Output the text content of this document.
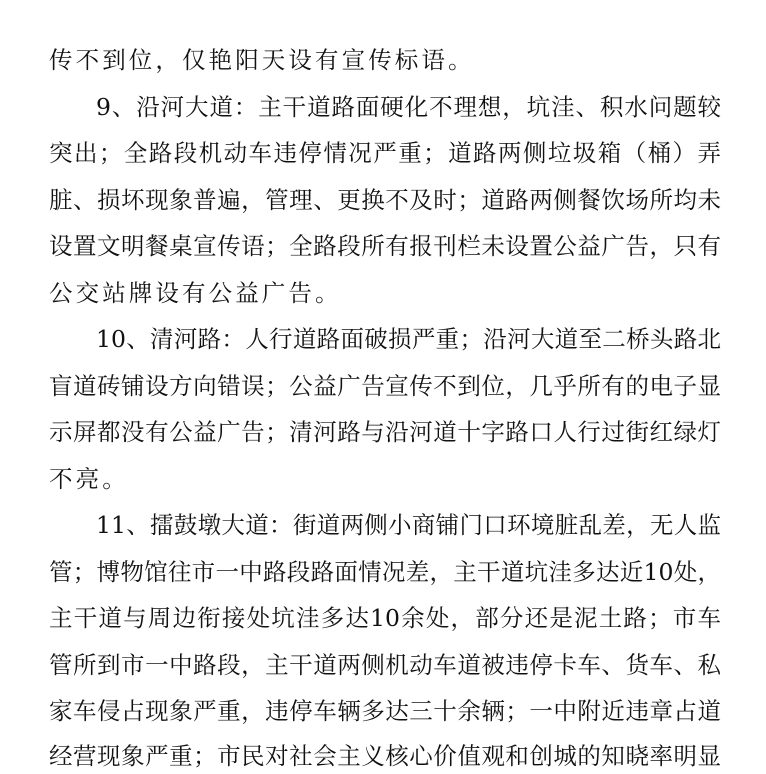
传不到位，仅艳阳天设有宣传标语。
9、沿河大道：主干道路面硬化不理想，坑洼、积水问题较
突出；全路段机动车违停情况严重；道路两侧垃圾箱（桶）弄
脏、损坏现象普遍，管理、更换不及时；道路两侧餐饮场所均未
设置文明餐桌宣传语；全路段所有报刊栏未设置公益广告，只有
公交站牌设有公益广告。
10、清河路：人行道路面破损严重；沿河大道至二桥头路北
盲道砖铺设方向错误；公益广告宣传不到位，几乎所有的电子显
示屏都没有公益广告；清河路与沿河道十字路口人行过街红绿灯
不亮。
11、擂鼓墩大道：街道两侧小商铺门口环境脏乱差，无人监
管；博物馆往市一中路段路面情况差，主干道坑洼多达近10处，
主干道与周边衔接处坑洼多达10余处，部分还是泥土路；市车
管所到市一中路段，主干道两侧机动车道被违停卡车、货车、私
家车侵占现象严重，违停车辆多达三十余辆；一中附近违章占道
经营现象严重；市民对社会主义核心价值观和创城的知晓率明显
